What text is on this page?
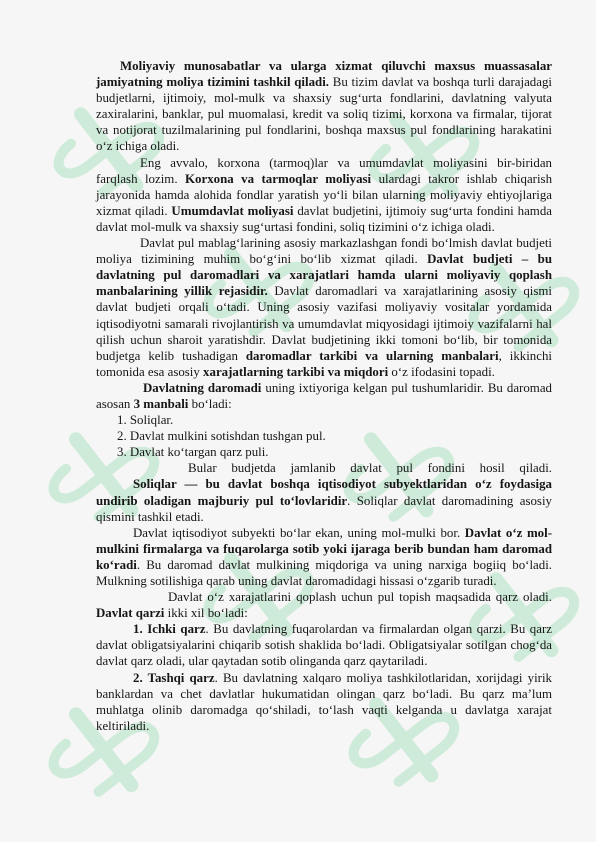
Moliyaviy munosabatlar va ularga xizmat qiluvchi maxsus muassasalar jamiyatning moliya tizimini tashkil qiladi. Bu tizim davlat va boshqa turli darajadagi budjetlarni, ijtimoiy, mol-mulk va shaxsiy sug‘urta fondlarini, davlatning valyuta zaxiralarini, banklar, pul muomalasi, kredit va soliq tizimi, korxona va firmalar, tijorat va notijorat tuzilmalarining pul fondlarini, boshqa maxsus pul fondlarining harakatini o‘z ichiga oladi.

Eng avvalo, korxona (tarmoq)lar va umumdavlat moliyasini bir-biridan farqlash lozim. Korxona va tarmoqlar moliyasi ulardagi takror ishlab chiqarish jarayonida hamda alohida fondlar yaratish yo‘li bilan ularning moliyaviy ehtiyojlariga xizmat qiladi. Umumdavlat moliyasi davlat budjetini, ijtimoiy sug‘urta fondini hamda davlat mol-mulk va shaxsiy sug‘urtasi fondini, soliq tizimini o‘z ichiga oladi.

Davlat pul mablag‘larining asosiy markazlashgan fondi bo‘lmish davlat budjeti moliya tizimining muhim bo‘g‘ini bo‘lib xizmat qiladi. Davlat budjeti – bu davlatning pul daromadlari va xarajatlari hamda ularni moliyaviy qoplash manbalarining yillik rejasidir. Davlat daromadlari va xarajatlarining asosiy qismi davlat budjeti orqali o‘tadi. Uning asosiy vazifasi moliyaviy vositalar yordamida iqtisodiyotni samarali rivojlantirish va umumdavlat miqyosidagi ijtimoiy vazifalarni hal qilish uchun sharoit yaratishdir. Davlat budjetining ikki tomoni bo‘lib, bir tomonida budjetga kelib tushadigan daromadlar tarkibi va ularning manbalari, ikkinchi tomonida esa asosiy xarajatlarning tarkibi va miqdori o‘z ifodasini topadi.

Davlatning daromadi uning ixtiyoriga kelgan pul tushumlaridir. Bu daromad asosan 3 manbali bo‘ladi:

1. Soliqlar.
2. Davlat mulkini sotishdan tushgan pul.
3. Davlat ko‘targan qarz puli.

Bular budjetda jamlanib davlat pul fondini hosil qiladi.

Soliqlar — bu davlat boshqa iqtisodiyot subyektlaridan o‘z foydasiga undirib oladigan majburiy pul to‘lovlaridir. Soliqlar davlat daromadining asosiy qismini tashkil etadi.

Davlat iqtisodiyot subyekti bo‘lar ekan, uning mol-mulki bor. Davlat o‘z mol-mulkini firmalarga va fuqarolarga sotib yoki ijaraga berib bundan ham daromad ko‘radi. Bu daromad davlat mulkining miqdoriga va uning narxiga bogiiq bo‘ladi. Mulkning sotilishiga qarab uning davlat daromadidagi hissasi o‘zgarib turadi.

Davlat o‘z xarajatlarini qoplash uchun pul topish maqsadida qarz oladi. Davlat qarzi ikki xil bo‘ladi:

1. Ichki qarz. Bu davlatning fuqarolardan va firmalardan olgan qarzi. Bu qarz davlat obligatsiyalarini chiqarib sotish shaklida bo‘ladi. Obligatsiyalar sotilgan chog‘da davlat qarz oladi, ular qaytadan sotib olinganda qarz qaytariladi.

2. Tashqi qarz. Bu davlatning xalqaro moliya tashkilotlaridan, xorijdagi yirik banklardan va chet davlatlar hukumatidan olingan qarz bo‘ladi. Bu qarz ma’lum muhlatga olinib daromadga qo‘shiladi, to‘lash vaqti kelganda u davlatga xarajat keltiriladi.
